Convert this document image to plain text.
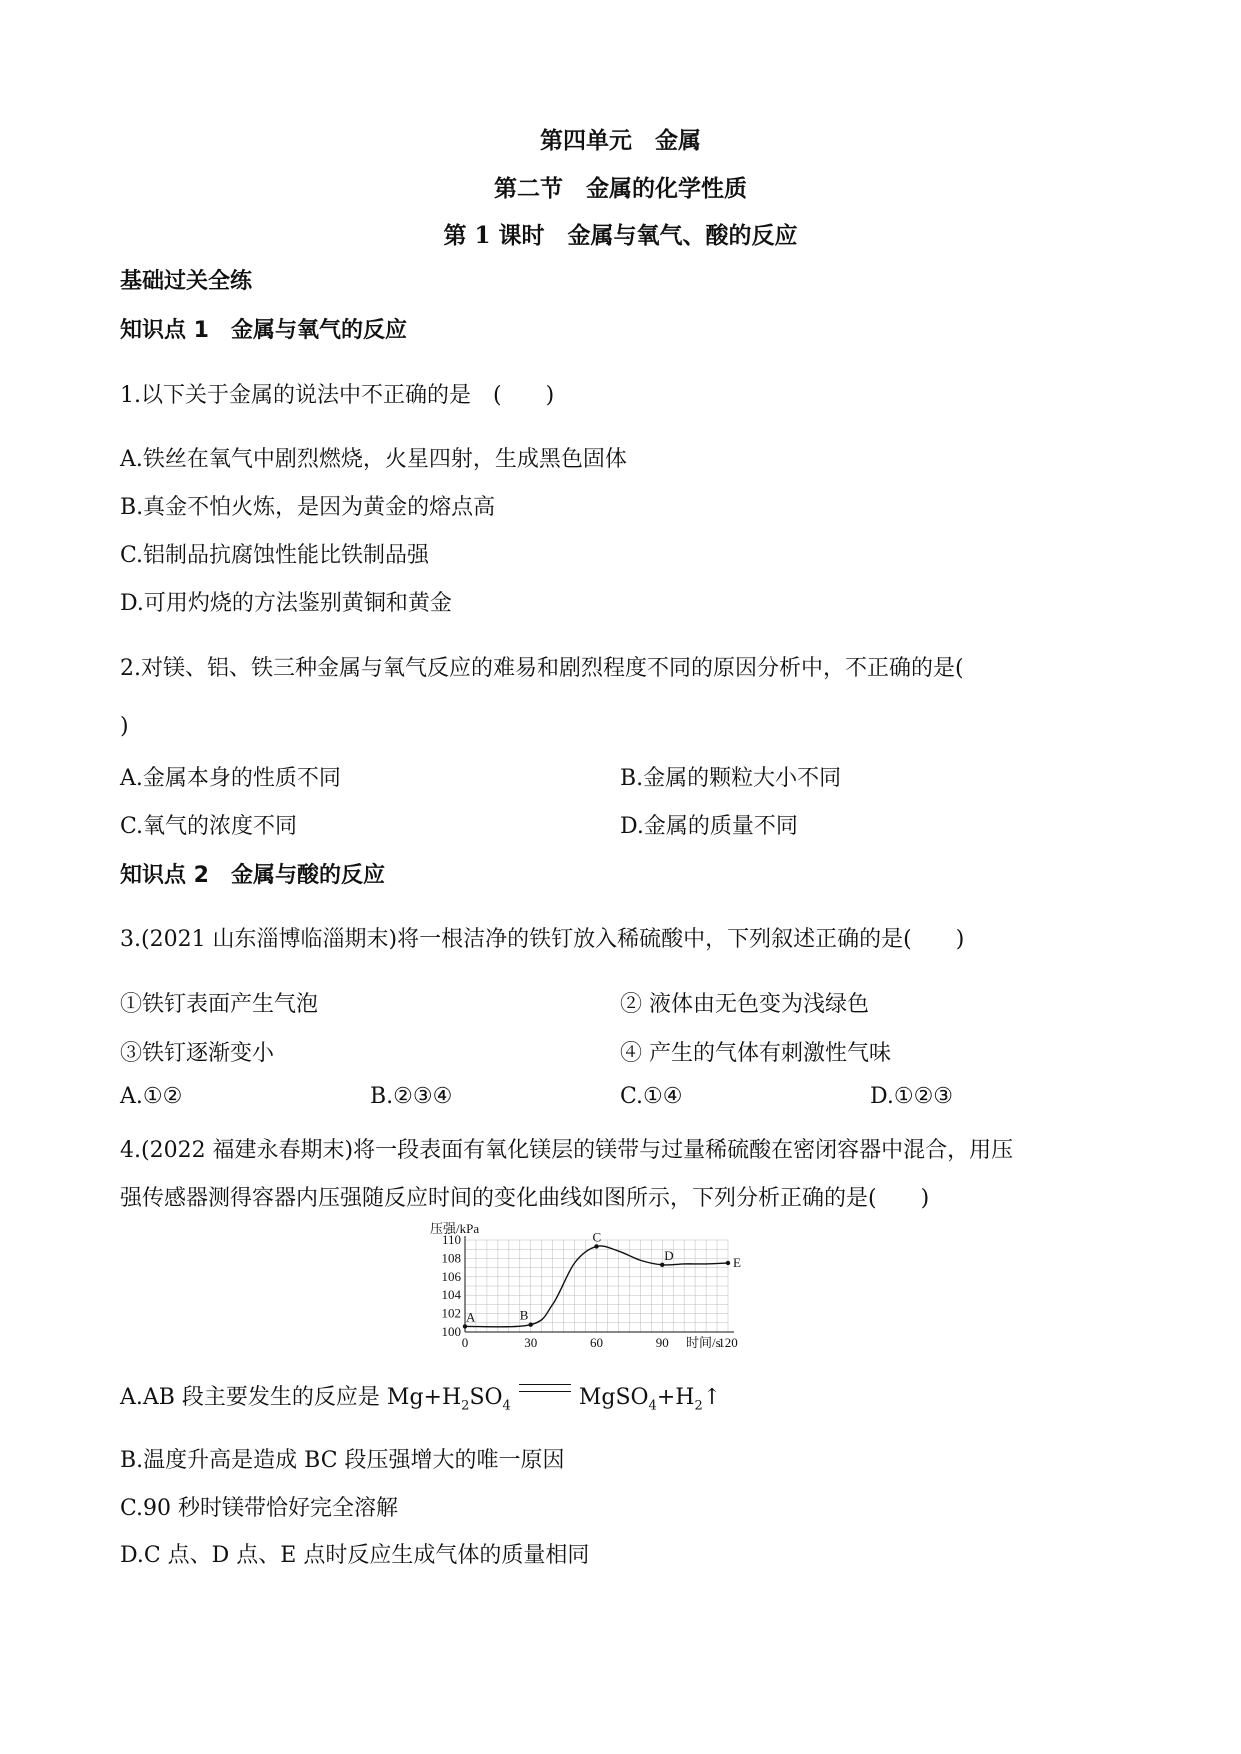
第四单元　金属
第二节　金属的化学性质
第 1 课时　金属与氧气、酸的反应
基础过关全练
知识点 1　金属与氧气的反应
1.以下关于金属的说法中不正确的是 (　　)
A.铁丝在氧气中剧烈燃烧，火星四射，生成黑色固体
B.真金不怕火炼，是因为黄金的熔点高
C.铝制品抗腐蚀性能比铁制品强
D.可用灼烧的方法鉴别黄铜和黄金
2.对镁、铝、铁三种金属与氧气反应的难易和剧烈程度不同的原因分析中，不正确的是(
)
A.金属本身的性质不同	B.金属的颗粒大小不同
C.氧气的浓度不同	D.金属的质量不同
知识点 2　金属与酸的反应
3.(2021 山东淄博临淄期末)将一根洁净的铁钉放入稀硫酸中，下列叙述正确的是(　　)
①铁钉表面产生气泡	② 液体由无色变为浅绿色
③铁钉逐渐变小	④ 产生的气体有刺激性气味
A.①②	B.②③④	C.①④	D.①②③
4.(2022 福建永春期末)将一段表面有氧化镁层的镁带与过量稀硫酸在密闭容器中混合，用压
强传感器测得容器内压强随反应时间的变化曲线如图所示，下列分析正确的是(　　)
100
102
104
106
108
110
0	30	60	90	120
A	B
C
D	E
压强/kPa
时间/s
A.AB 段主要发生的反应是 $Mg+H_2SO_4$	$MgSO_4+H_2↑$
B.温度升高是造成 BC 段压强增大的唯一原因
C.90 秒时镁带恰好完全溶解
D.C 点、D 点、E 点时反应生成气体的质量相同
